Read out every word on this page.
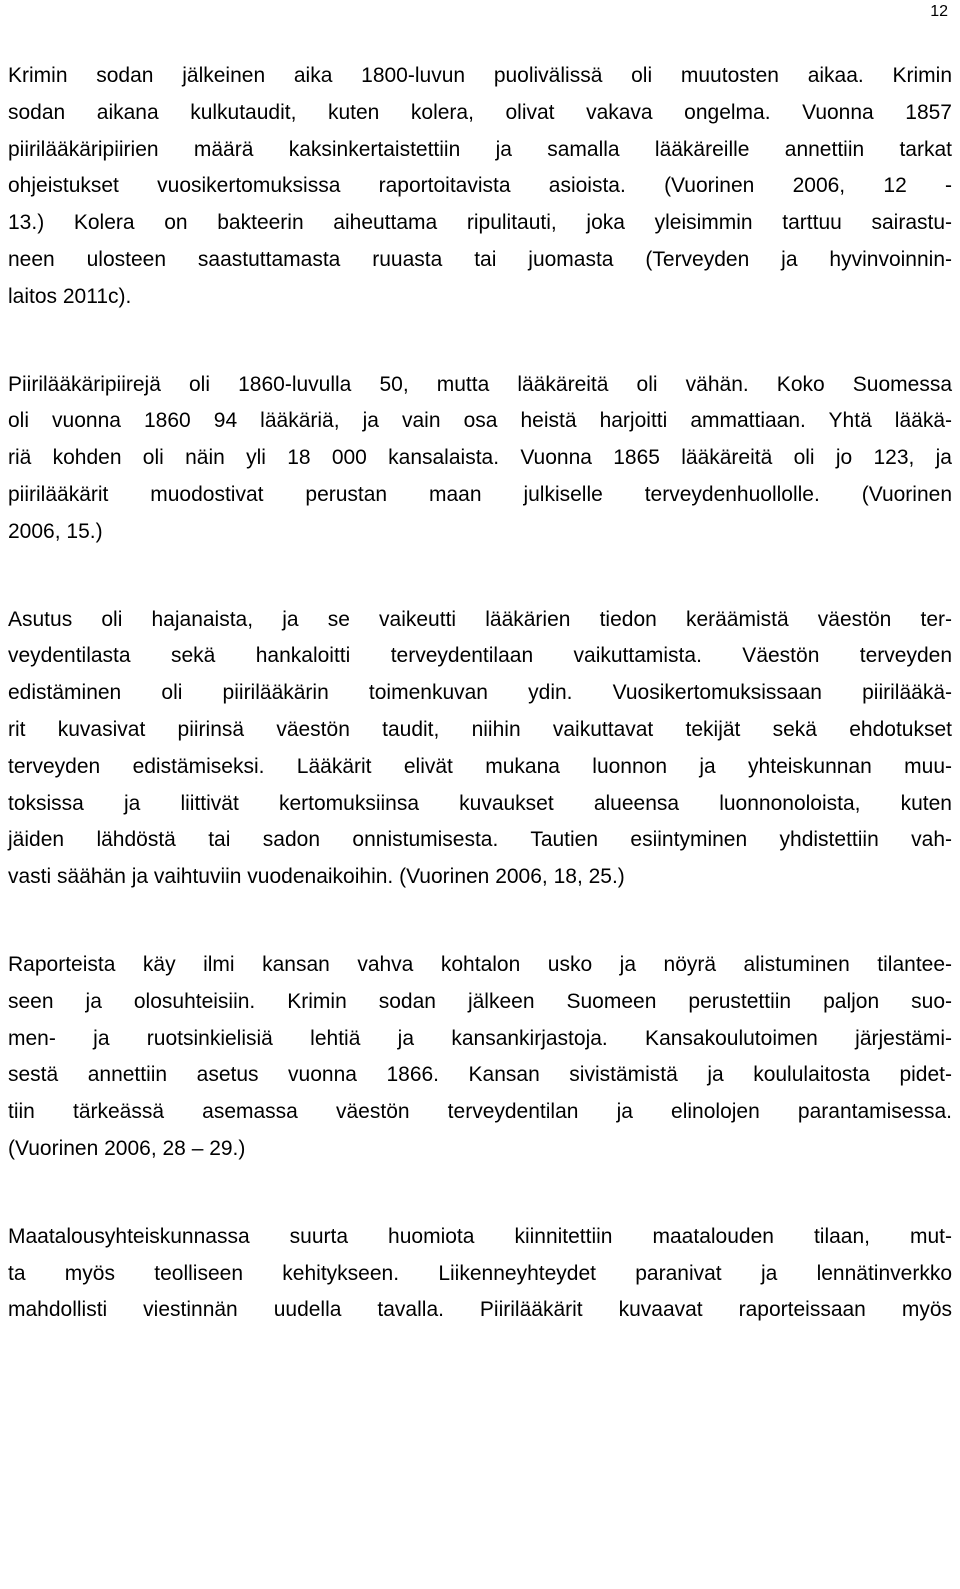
12
Krimin sodan jälkeinen aika 1800-luvun puolivälissä oli muutosten aikaa. Krimin
sodan aikana kulkutaudit, kuten kolera, olivat vakava ongelma. Vuonna 1857
piirilääkäripiirien määrä kaksinkertaistettiin ja samalla lääkäreille annettiin tarkat
ohjeistukset vuosikertomuksissa raportoitavista asioista. (Vuorinen 2006, 12 -
13.) Kolera on bakteerin aiheuttama ripulitauti, joka yleisimmin tarttuu sairastu-
neen ulosteen saastuttamasta ruuasta tai juomasta (Terveyden ja hyvinvoinnin-
laitos 2011c).
Piirilääkäripiirejä oli 1860-luvulla 50, mutta lääkäreitä oli vähän. Koko Suomessa
oli vuonna 1860 94 lääkäriä, ja vain osa heistä harjoitti ammattiaan. Yhtä lääkä-
riä kohden oli näin yli 18 000 kansalaista. Vuonna 1865 lääkäreitä oli jo 123, ja
piirilääkärit muodostivat perustan maan julkiselle terveydenhuollolle. (Vuorinen
2006, 15.)
Asutus oli hajanaista, ja se vaikeutti lääkärien tiedon keräämistä väestön ter-
veydentilasta sekä hankaloitti terveydentilaan vaikuttamista. Väestön terveyden
edistäminen oli piirilääkärin toimenkuvan ydin. Vuosikertomuksissaan piirilääkä-
rit kuvasivat piirinsä väestön taudit, niihin vaikuttavat tekijät sekä ehdotukset
terveyden edistämiseksi. Lääkärit elivät mukana luonnon ja yhteiskunnan muu-
toksissa ja liittivät kertomuksiinsa kuvaukset alueensa luonnonoloista, kuten
jäiden lähdöstä tai sadon onnistumisesta. Tautien esiintyminen yhdistettiin vah-
vasti säähän ja vaihtuviin vuodenaikoihin. (Vuorinen 2006, 18, 25.)
Raporteista käy ilmi kansan vahva kohtalon usko ja nöyrä alistuminen tilantee-
seen ja olosuhteisiin. Krimin sodan jälkeen Suomeen perustettiin paljon suo-
men- ja ruotsinkielisiä lehtiä ja kansankirjastoja. Kansakoulutoimen järjestämi-
sestä annettiin asetus vuonna 1866. Kansan sivistämistä ja koululaitosta pidet-
tiin tärkeässä asemassa väestön terveydentilan ja elinolojen parantamisessa.
(Vuorinen 2006, 28 – 29.)
Maatalousyhteiskunnassa suurta huomiota kiinnitettiin maatalouden tilaan, mut-
ta myös teolliseen kehitykseen. Liikenneyhteydet paranivat ja lennätinverkko
mahdollisti viestinnän uudella tavalla. Piirilääkärit kuvaavat raporteissaan myös
